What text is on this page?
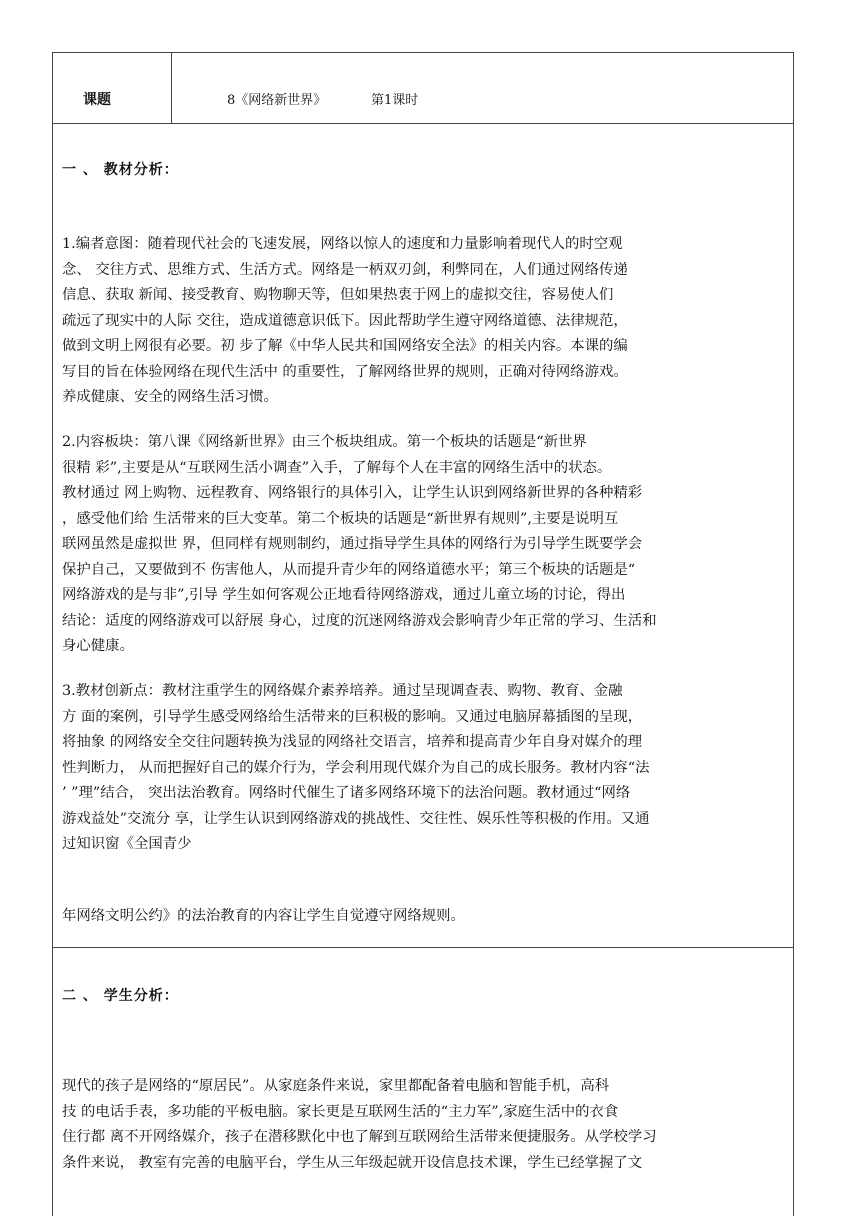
课题	8《网络新世界》	第1课时
一 、 教材分析：

1.编者意图：随着现代社会的飞速发展，网络以惊人的速度和力量影响着现代人的时空观
念、 交往方式、思维方式、生活方式。网络是一柄双刃剑，利弊同在，人们通过网络传递
信息、获取 新闻、接受教育、购物聊天等，但如果热衷于网上的虚拟交往，容易使人们
疏远了现实中的人际 交往，造成道德意识低下。因此帮助学生遵守网络道德、法律规范，
做到文明上网很有必要。初 步了解《中华人民共和国网络安全法》的相关内容。本课的编
写目的旨在体验网络在现代生活中 的重要性，了解网络世界的规则，正确对待网络游戏。
养成健康、安全的网络生活习惯。

2.内容板块：第八课《网络新世界》由三个板块组成。第一个板块的话题是“新世界
很精 彩”,主要是从“互联网生活小调查”入手，了解每个人在丰富的网络生活中的状态。
教材通过 网上购物、远程教育、网络银行的具体引入，让学生认识到网络新世界的各种精彩
，感受他们给 生活带来的巨大变革。第二个板块的话题是“新世界有规则”,主要是说明互
联网虽然是虚拟世 界，但同样有规则制约，通过指导学生具体的网络行为引导学生既要学会
保护自己，又要做到不 伤害他人，从而提升青少年的网络道德水平；第三个板块的话题是“
网络游戏的是与非”,引导 学生如何客观公正地看待网络游戏，通过儿童立场的讨论，得出
结论：适度的网络游戏可以舒展 身心，过度的沉迷网络游戏会影响青少年正常的学习、生活和
身心健康。

3.教材创新点：教材注重学生的网络媒介素养培养。通过呈现调查表、购物、教育、金融
方 面的案例，引导学生感受网络给生活带来的巨积极的影响。又通过电脑屏幕插图的呈现，
将抽象 的网络安全交往问题转换为浅显的网络社交语言，培养和提高青少年自身对媒介的理
性判断力， 从而把握好自己的媒介行为，学会利用现代媒介为自己的成长服务。教材内容“法
’ ”理”结合， 突出法治教育。网络时代催生了诸多网络环境下的法治问题。教材通过“网络
游戏益处”交流分 享，让学生认识到网络游戏的挑战性、交往性、娱乐性等积极的作用。又通
过知识窗《全国青少

年网络文明公约》的法治教育的内容让学生自觉遵守网络规则。

二 、 学生分析：

现代的孩子是网络的“原居民”。从家庭条件来说，家里都配备着电脑和智能手机，高科
技 的电话手表，多功能的平板电脑。家长更是互联网生活的“主力军”,家庭生活中的衣食
住行都 离不开网络媒介，孩子在潜移默化中也了解到互联网给生活带来便捷服务。从学校学习
条件来说， 教室有完善的电脑平台，学生从三年级起就开设信息技术课，学生已经掌握了文
